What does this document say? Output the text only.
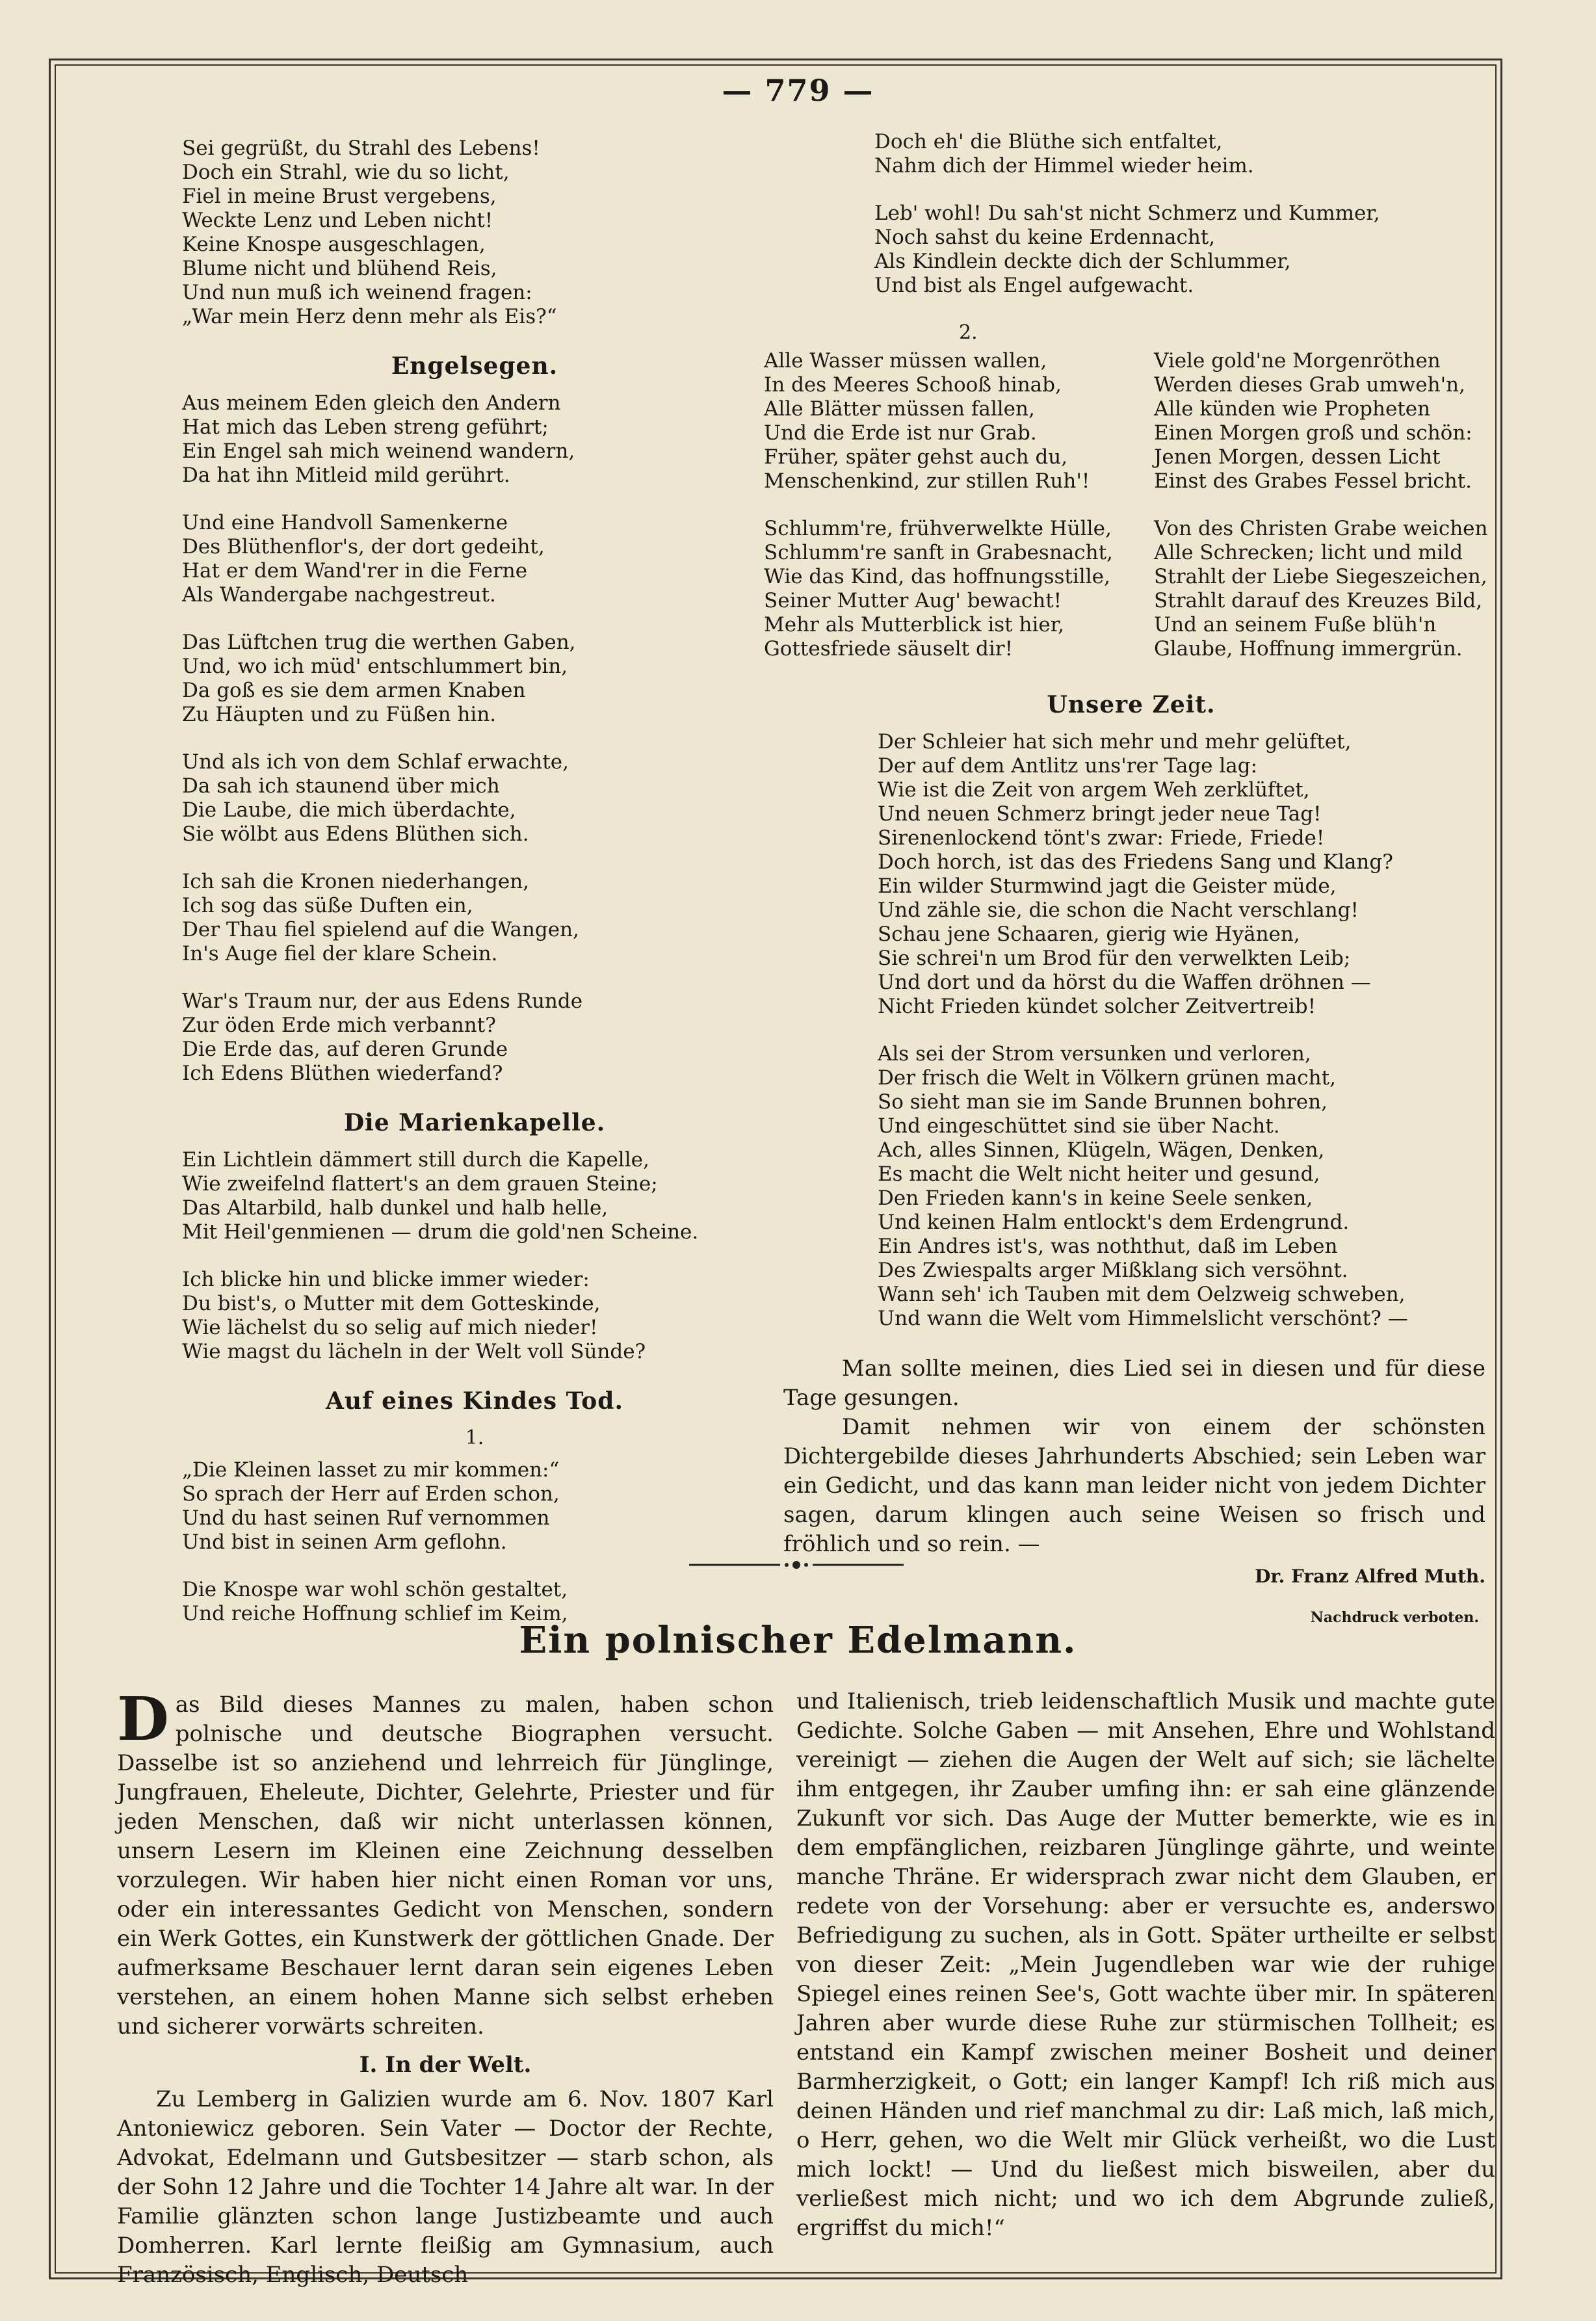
— 779 —
Sei gegrüßt, du Strahl des Lebens!
Doch ein Strahl, wie du so licht,
Fiel in meine Brust vergebens,
Weckte Lenz und Leben nicht!
Keine Knospe ausgeschlagen,
Blume nicht und blühend Reis,
Und nun muß ich weinend fragen:
„War mein Herz denn mehr als Eis?“
Engelsegen.
Aus meinem Eden gleich den Andern
Hat mich das Leben streng geführt;
Ein Engel sah mich weinend wandern,
Da hat ihn Mitleid mild gerührt.
Und eine Handvoll Samenkerne
Des Blüthenflor's, der dort gedeiht,
Hat er dem Wand'rer in die Ferne
Als Wandergabe nachgestreut.
Das Lüftchen trug die werthen Gaben,
Und, wo ich müd' entschlummert bin,
Da goß es sie dem armen Knaben
Zu Häupten und zu Füßen hin.
Und als ich von dem Schlaf erwachte,
Da sah ich staunend über mich
Die Laube, die mich überdachte,
Sie wölbt aus Edens Blüthen sich.
Ich sah die Kronen niederhangen,
Ich sog das süße Duften ein,
Der Thau fiel spielend auf die Wangen,
In's Auge fiel der klare Schein.
War's Traum nur, der aus Edens Runde
Zur öden Erde mich verbannt?
Die Erde das, auf deren Grunde
Ich Edens Blüthen wiederfand?
Die Marienkapelle.
Ein Lichtlein dämmert still durch die Kapelle,
Wie zweifelnd flattert's an dem grauen Steine;
Das Altarbild, halb dunkel und halb helle,
Mit Heil'genmienen — drum die gold'nen Scheine.
Ich blicke hin und blicke immer wieder:
Du bist's, o Mutter mit dem Gotteskinde,
Wie lächelst du so selig auf mich nieder!
Wie magst du lächeln in der Welt voll Sünde?
Auf eines Kindes Tod.
1.
„Die Kleinen lasset zu mir kommen:“
So sprach der Herr auf Erden schon,
Und du hast seinen Ruf vernommen
Und bist in seinen Arm geflohn.
Die Knospe war wohl schön gestaltet,
Und reiche Hoffnung schlief im Keim,
Doch eh' die Blüthe sich entfaltet,
Nahm dich der Himmel wieder heim.
Leb' wohl! Du sah'st nicht Schmerz und Kummer,
Noch sahst du keine Erdennacht,
Als Kindlein deckte dich der Schlummer,
Und bist als Engel aufgewacht.
2.
Alle Wasser müssen wallen,
In des Meeres Schooß hinab,
Alle Blätter müssen fallen,
Und die Erde ist nur Grab.
Früher, später gehst auch du,
Menschenkind, zur stillen Ruh'!
Schlumm're, frühverwelkte Hülle,
Schlumm're sanft in Grabesnacht,
Wie das Kind, das hoffnungsstille,
Seiner Mutter Aug' bewacht!
Mehr als Mutterblick ist hier,
Gottesfriede säuselt dir!
Viele gold'ne Morgenröthen
Werden dieses Grab umweh'n,
Alle künden wie Propheten
Einen Morgen groß und schön:
Jenen Morgen, dessen Licht
Einst des Grabes Fessel bricht.
Von des Christen Grabe weichen
Alle Schrecken; licht und mild
Strahlt der Liebe Siegeszeichen,
Strahlt darauf des Kreuzes Bild,
Und an seinem Fuße blüh'n
Glaube, Hoffnung immergrün.
Unsere Zeit.
Der Schleier hat sich mehr und mehr gelüftet,
Der auf dem Antlitz uns'rer Tage lag:
Wie ist die Zeit von argem Weh zerklüftet,
Und neuen Schmerz bringt jeder neue Tag!
Sirenenlockend tönt's zwar: Friede, Friede!
Doch horch, ist das des Friedens Sang und Klang?
Ein wilder Sturmwind jagt die Geister müde,
Und zähle sie, die schon die Nacht verschlang!
Schau jene Schaaren, gierig wie Hyänen,
Sie schrei'n um Brod für den verwelkten Leib;
Und dort und da hörst du die Waffen dröhnen —
Nicht Frieden kündet solcher Zeitvertreib!
Als sei der Strom versunken und verloren,
Der frisch die Welt in Völkern grünen macht,
So sieht man sie im Sande Brunnen bohren,
Und eingeschüttet sind sie über Nacht.
Ach, alles Sinnen, Klügeln, Wägen, Denken,
Es macht die Welt nicht heiter und gesund,
Den Frieden kann's in keine Seele senken,
Und keinen Halm entlockt's dem Erdengrund.
Ein Andres ist's, was noththut, daß im Leben
Des Zwiespalts arger Mißklang sich versöhnt.
Wann seh' ich Tauben mit dem Oelzweig schweben,
Und wann die Welt vom Himmelslicht verschönt? —

Man sollte meinen, dies Lied sei in diesen und für diese Tage gesungen.

Damit nehmen wir von einem der schönsten Dichtergebilde dieses Jahrhunderts Abschied; sein Leben war ein Gedicht, und das kann man leider nicht von jedem Dichter sagen, darum klingen auch seine Weisen so frisch und fröhlich und so rein. —

Dr. Franz Alfred Muth.
Nachdruck verboten.
Ein polnischer Edelmann.

Das Bild dieses Mannes zu malen, haben schon polnische und deutsche Biographen versucht. Dasselbe ist so anziehend und lehrreich für Jünglinge, Jungfrauen, Eheleute, Dichter, Gelehrte, Priester und für jeden Menschen, daß wir nicht unterlassen können, unsern Lesern im Kleinen eine Zeichnung desselben vorzulegen. Wir haben hier nicht einen Roman vor uns, oder ein interessantes Gedicht von Menschen, sondern ein Werk Gottes, ein Kunstwerk der göttlichen Gnade. Der aufmerksame Beschauer lernt daran sein eigenes Leben verstehen, an einem hohen Manne sich selbst erheben und sicherer vorwärts schreiten.

I. In der Welt.

Zu Lemberg in Galizien wurde am 6. Nov. 1807 Karl Antoniewicz geboren. Sein Vater — Doctor der Rechte, Advokat, Edelmann und Gutsbesitzer — starb schon, als der Sohn 12 Jahre und die Tochter 14 Jahre alt war. In der Familie glänzten schon lange Justizbeamte und auch Domherren. Karl lernte fleißig am Gymnasium, auch Französisch, Englisch, Deutsch

und Italienisch, trieb leidenschaftlich Musik und machte gute Gedichte. Solche Gaben — mit Ansehen, Ehre und Wohlstand vereinigt — ziehen die Augen der Welt auf sich; sie lächelte ihm entgegen, ihr Zauber umfing ihn: er sah eine glänzende Zukunft vor sich. Das Auge der Mutter bemerkte, wie es in dem empfänglichen, reizbaren Jünglinge gährte, und weinte manche Thräne. Er widersprach zwar nicht dem Glauben, er redete von der Vorsehung: aber er versuchte es, anderswo Befriedigung zu suchen, als in Gott. Später urtheilte er selbst von dieser Zeit: „Mein Jugendleben war wie der ruhige Spiegel eines reinen See's, Gott wachte über mir. In späteren Jahren aber wurde diese Ruhe zur stürmischen Tollheit; es entstand ein Kampf zwischen meiner Bosheit und deiner Barmherzigkeit, o Gott; ein langer Kampf! Ich riß mich aus deinen Händen und rief manchmal zu dir: Laß mich, laß mich, o Herr, gehen, wo die Welt mir Glück verheißt, wo die Lust mich lockt! — Und du ließest mich bisweilen, aber du verließest mich nicht; und wo ich dem Abgrunde zuließ, ergriffst du mich!“
